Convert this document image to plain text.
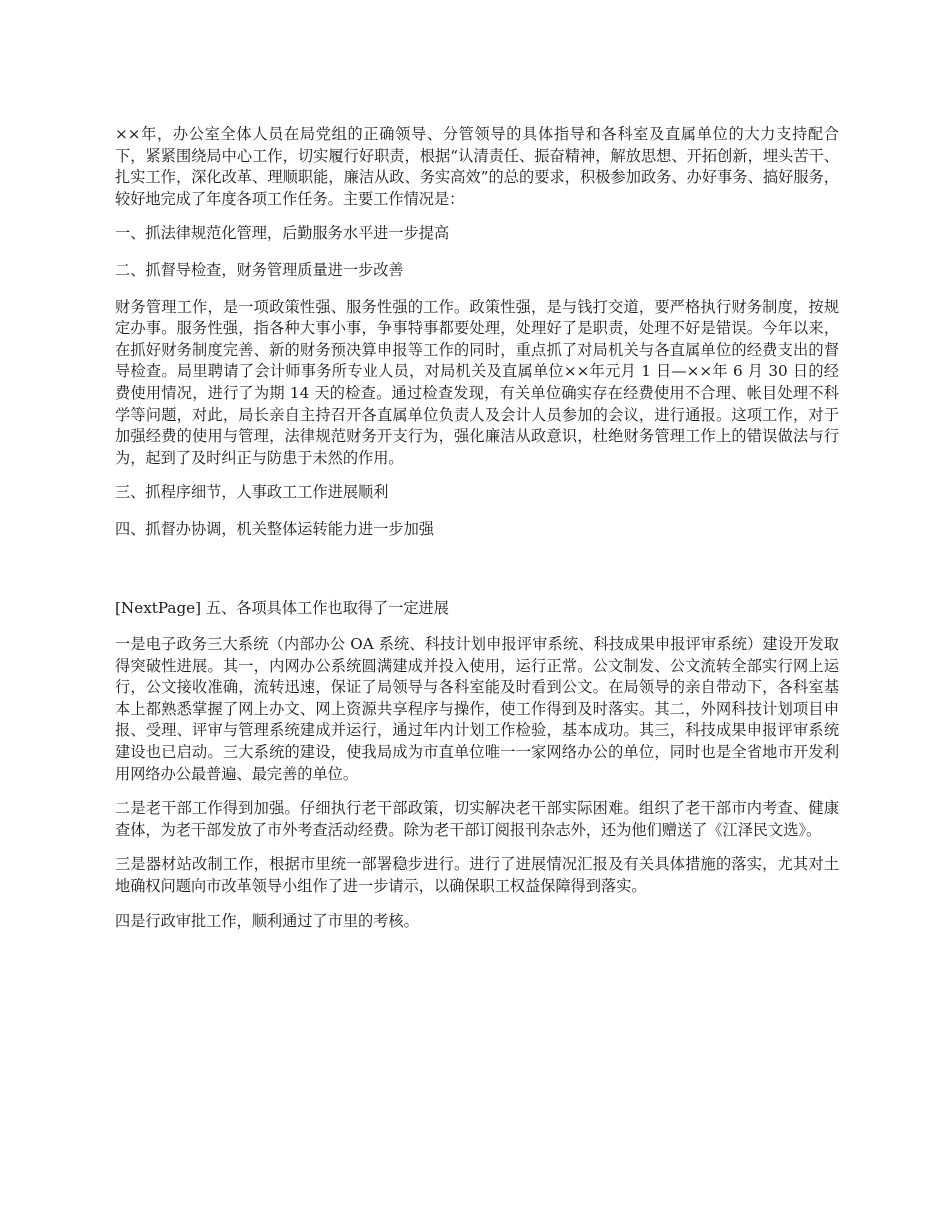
××年，办公室全体人员在局党组的正确领导、分管领导的具体指导和各科室及直属单位的大力支持配合下，紧紧围绕局中心工作，切实履行好职责，根据“认清责任、振奋精神，解放思想、开拓创新，埋头苦干、扎实工作，深化改革、理顺职能，廉洁从政、务实高效”的总的要求，积极参加政务、办好事务、搞好服务，较好地完成了年度各项工作任务。主要工作情况是：

一、抓法律规范化管理，后勤服务水平进一步提高

二、抓督导检查，财务管理质量进一步改善

财务管理工作，是一项政策性强、服务性强的工作。政策性强，是与钱打交道，要严格执行财务制度，按规定办事。服务性强，指各种大事小事，争事特事都要处理，处理好了是职责，处理不好是错误。今年以来，在抓好财务制度完善、新的财务预决算申报等工作的同时，重点抓了对局机关与各直属单位的经费支出的督导检查。局里聘请了会计师事务所专业人员，对局机关及直属单位××年元月 1 日—××年 6 月 30 日的经费使用情况，进行了为期 14 天的检查。通过检查发现，有关单位确实存在经费使用不合理、帐目处理不科学等问题，对此，局长亲自主持召开各直属单位负责人及会计人员参加的会议，进行通报。这项工作，对于加强经费的使用与管理，法律规范财务开支行为，强化廉洁从政意识，杜绝财务管理工作上的错误做法与行为，起到了及时纠正与防患于未然的作用。

三、抓程序细节，人事政工工作进展顺利

四、抓督办协调，机关整体运转能力进一步加强

[NextPage] 五、各项具体工作也取得了一定进展

一是电子政务三大系统（内部办公 OA 系统、科技计划申报评审系统、科技成果申报评审系统）建设开发取得突破性进展。其一，内网办公系统圆满建成并投入使用，运行正常。公文制发、公文流转全部实行网上运行，公文接收准确，流转迅速，保证了局领导与各科室能及时看到公文。在局领导的亲自带动下，各科室基本上都熟悉掌握了网上办文、网上资源共享程序与操作，使工作得到及时落实。其二，外网科技计划项目申报、受理、评审与管理系统建成并运行，通过年内计划工作检验，基本成功。其三，科技成果申报评审系统建设也已启动。三大系统的建设，使我局成为市直单位唯一一家网络办公的单位，同时也是全省地市开发利用网络办公最普遍、最完善的单位。

二是老干部工作得到加强。仔细执行老干部政策，切实解决老干部实际困难。组织了老干部市内考查、健康查体，为老干部发放了市外考查活动经费。除为老干部订阅报刊杂志外，还为他们赠送了《江泽民文选》。

三是器材站改制工作，根据市里统一部署稳步进行。进行了进展情况汇报及有关具体措施的落实，尤其对土地确权问题向市改革领导小组作了进一步请示，以确保职工权益保障得到落实。

四是行政审批工作，顺利通过了市里的考核。
